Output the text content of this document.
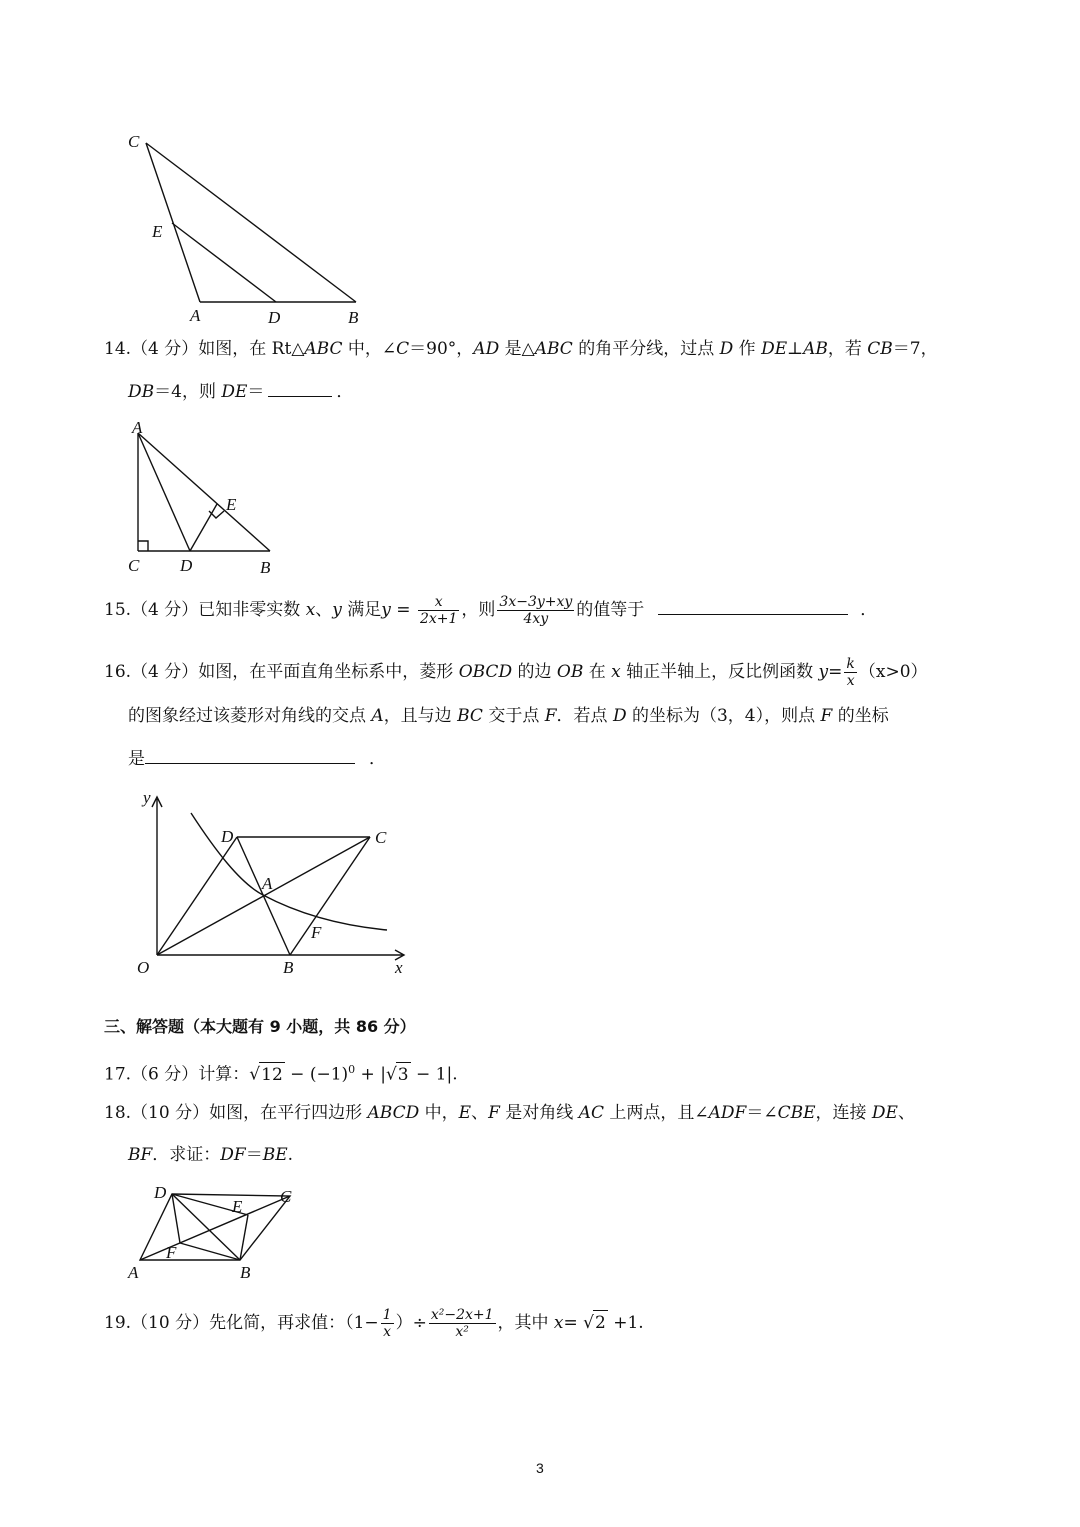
C
E
A	D	B
14.（4 分）如图，在 Rt△ABC 中，∠C＝90°，AD 是△ABC 的角平分线，过点 D 作 DE⊥AB，若 CB＝7，
DB＝4，则 DE＝	．
A
E
C D	B
15.（4 分）已知非零实数 x、y 满足$y = \frac{x}{2x+1}$ ，则 $\frac{3x-3y+xy}{4xy}$ 的值等于	．
16.（4 分）如图，在平面直角坐标系中，菱形 OBCD 的边 OB 在 x 轴正半轴上，反比例函数 $y= \frac{k}{x} (x>0)$
的图象经过该菱形对角线的交点 A，且与边 BC 交于点 F．若点 D 的坐标为（3，4），则点 F 的坐标
是	．
y
D	C
A
F
O	B	x
三、解答题（本大题有 9 小题，共 86 分）
17.（6 分）计算：$√12 - (-1)^0 + |√3 - 1|$.
18.（10 分）如图，在平行四边形 ABCD 中，E、F 是对角线 AC 上两点，且∠ADF＝∠CBE，连接 DE、
BF．求证：DF＝BE.
D	C
E
F
A	B
19.（10 分）先化简，再求值：（$1- \frac{1}{x}$ ）÷ $\frac{\text{x²−2x+1}}{\text{x²}}$ ，其中 x= √2 +1.
3
